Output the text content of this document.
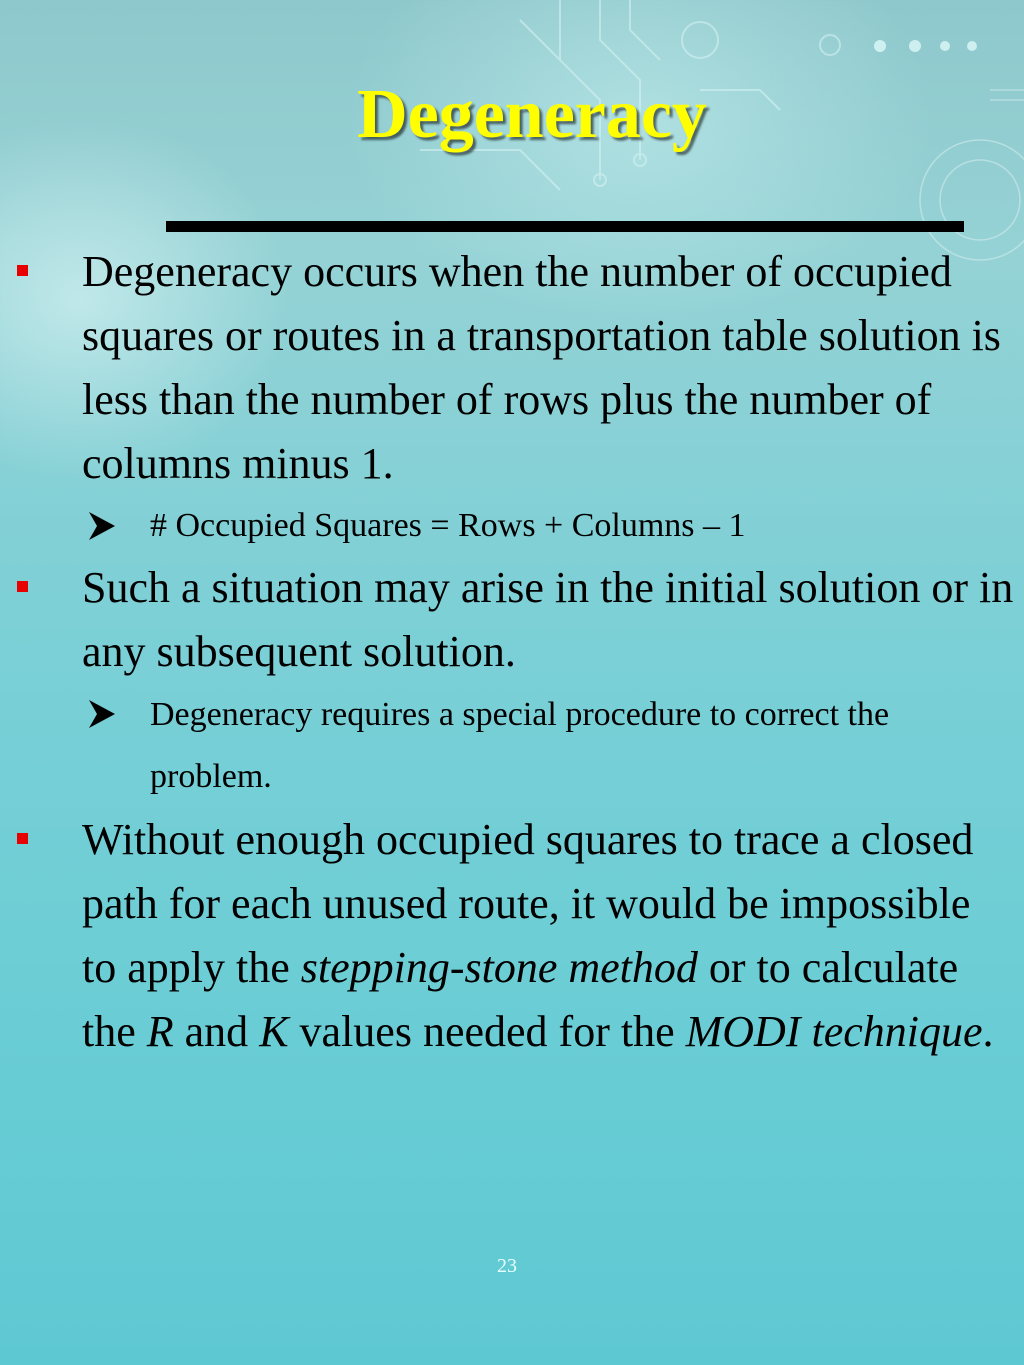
Degeneracy
Degeneracy occurs when the number of occupied squares or routes in a transportation table solution is less than the number of rows plus the number of columns minus 1.
# Occupied Squares = Rows + Columns – 1
Such a situation may arise in the initial solution or in any subsequent solution.
Degeneracy requires a special procedure to correct the problem.
Without enough occupied squares to trace a closed path for each unused route, it would be impossible to apply the stepping-stone method or to calculate the R and K values needed for the MODI technique.
23
